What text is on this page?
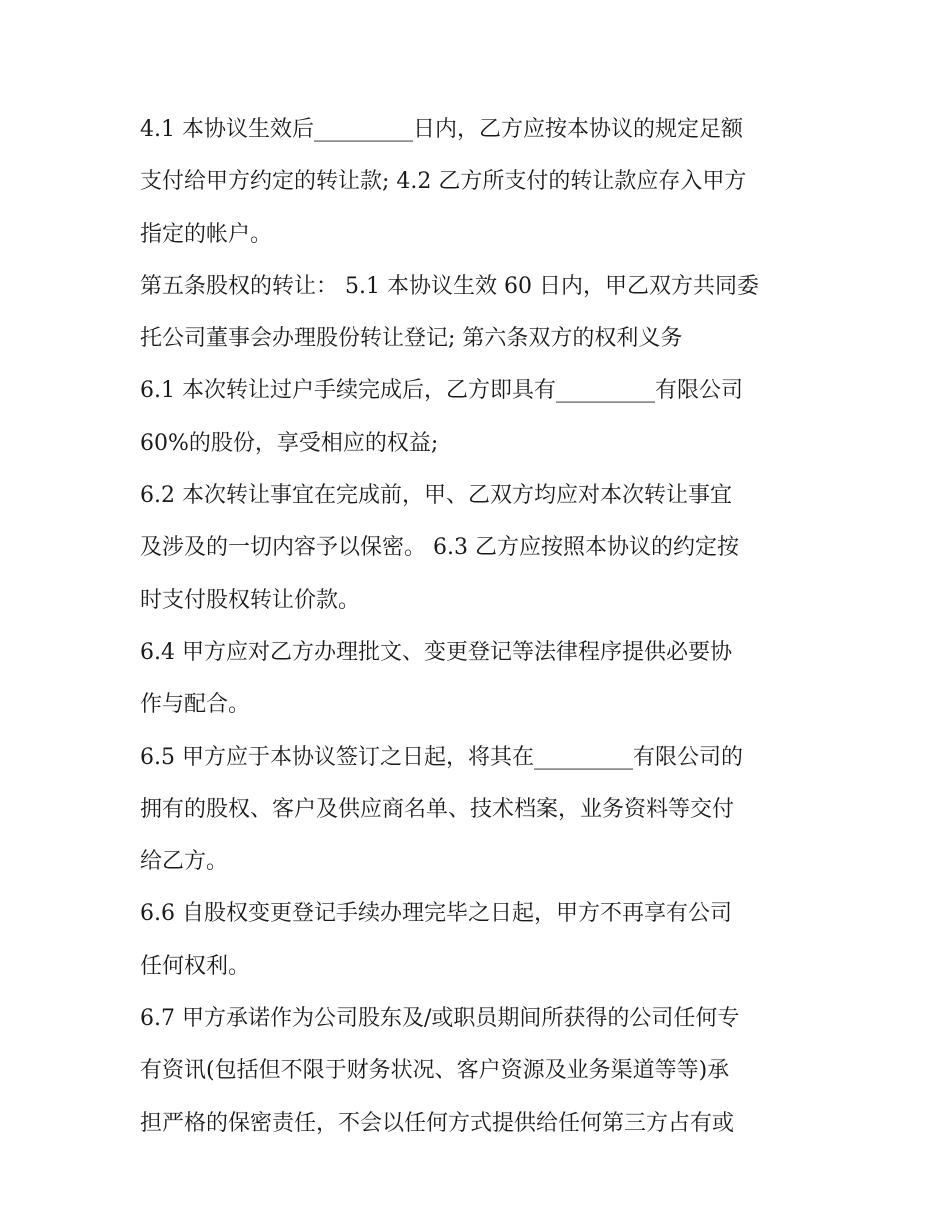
4.1 本协议生效后_________日内，乙方应按本协议的规定足额
支付给甲方约定的转让款; 4.2 乙方所支付的转让款应存入甲方
指定的帐户。
第五条股权的转让： 5.1 本协议生效 60 日内，甲乙双方共同委
托公司董事会办理股份转让登记; 第六条双方的权利义务
6.1 本次转让过户手续完成后，乙方即具有_________有限公司
60%的股份，享受相应的权益;
6.2 本次转让事宜在完成前，甲、乙双方均应对本次转让事宜
及涉及的一切内容予以保密。 6.3 乙方应按照本协议的约定按
时支付股权转让价款。
6.4 甲方应对乙方办理批文、变更登记等法律程序提供必要协
作与配合。
6.5 甲方应于本协议签订之日起，将其在_________有限公司的
拥有的股权、客户及供应商名单、技术档案，业务资料等交付
给乙方。
6.6 自股权变更登记手续办理完毕之日起，甲方不再享有公司
任何权利。
6.7 甲方承诺作为公司股东及/或职员期间所获得的公司任何专
有资讯(包括但不限于财务状况、客户资源及业务渠道等等)承
担严格的保密责任，不会以任何方式提供给任何第三方占有或
